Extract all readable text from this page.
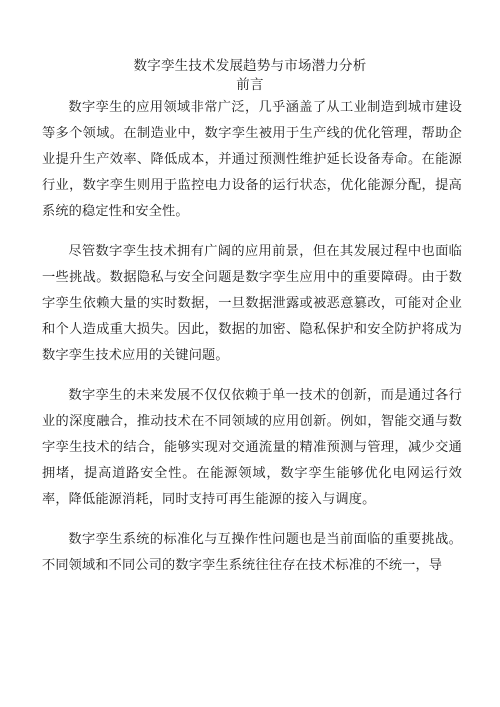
数字孪生技术发展趋势与市场潜力分析
前言

数字孪生的应用领域非常广泛，几乎涵盖了从工业制造到城市建设等多个领域。在制造业中，数字孪生被用于生产线的优化管理，帮助企业提升生产效率、降低成本，并通过预测性维护延长设备寿命。在能源行业，数字孪生则用于监控电力设备的运行状态，优化能源分配，提高系统的稳定性和安全性。

尽管数字孪生技术拥有广阔的应用前景，但在其发展过程中也面临一些挑战。数据隐私与安全问题是数字孪生应用中的重要障碍。由于数字孪生依赖大量的实时数据，一旦数据泄露或被恶意篡改，可能对企业和个人造成重大损失。因此，数据的加密、隐私保护和安全防护将成为数字孪生技术应用的关键问题。

数字孪生的未来发展不仅仅依赖于单一技术的创新，而是通过各行业的深度融合，推动技术在不同领域的应用创新。例如，智能交通与数字孪生技术的结合，能够实现对交通流量的精准预测与管理，减少交通拥堵，提高道路安全性。在能源领域，数字孪生能够优化电网运行效率，降低能源消耗，同时支持可再生能源的接入与调度。

数字孪生系统的标准化与互操作性问题也是当前面临的重要挑战。不同领域和不同公司的数字孪生系统往往存在技术标准的不统一，导
